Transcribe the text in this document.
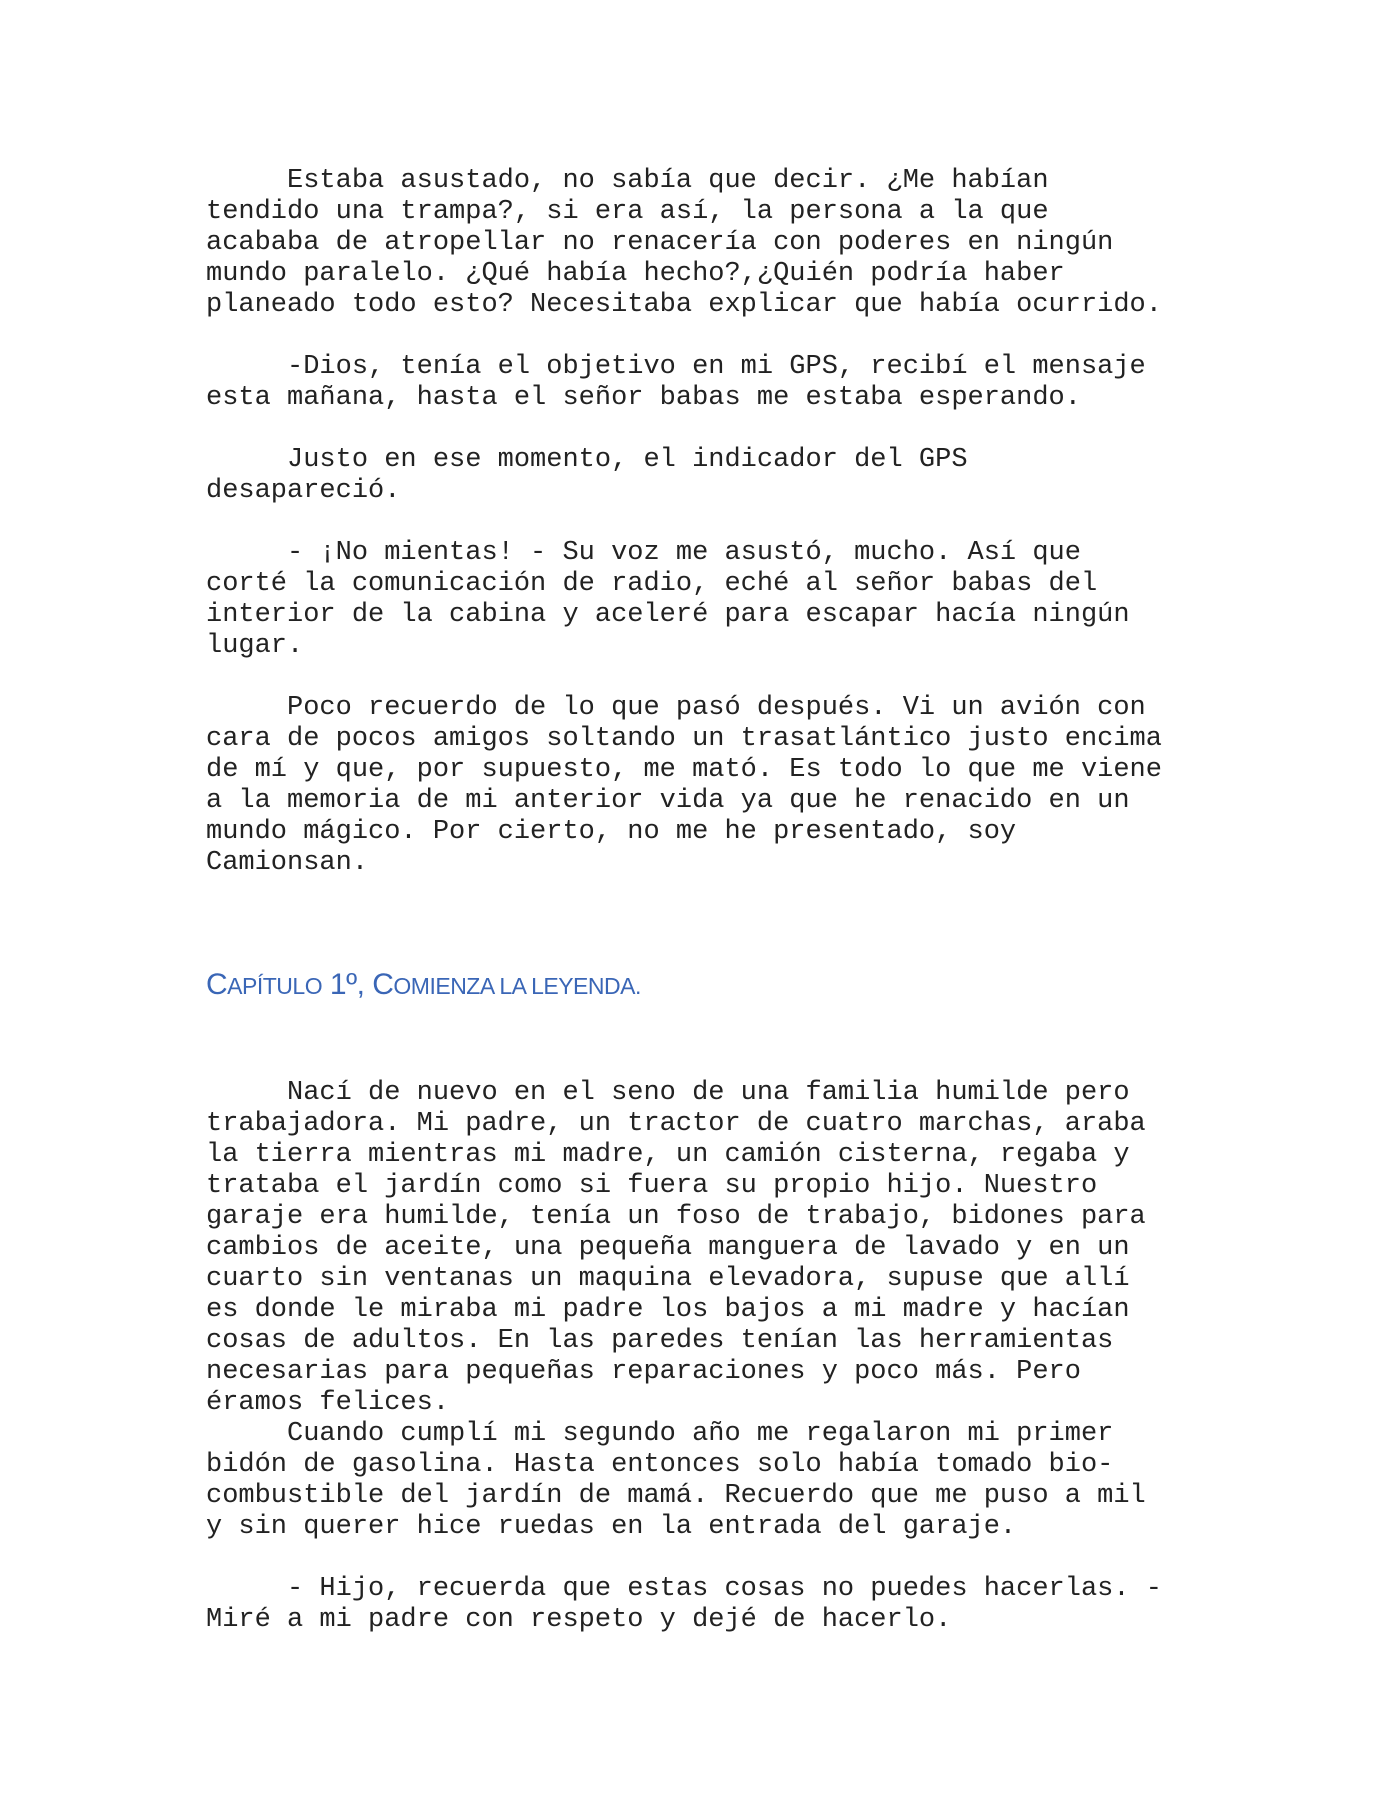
Estaba asustado, no sabía que decir. ¿Me habían
tendido una trampa?, si era así, la persona a la que
acababa de atropellar no renacería con poderes en ningún
mundo paralelo. ¿Qué había hecho?,¿Quién podría haber
planeado todo esto? Necesitaba explicar que había ocurrido.

-Dios, tenía el objetivo en mi GPS, recibí el mensaje
esta mañana, hasta el señor babas me estaba esperando.

Justo en ese momento, el indicador del GPS
desapareció.

- ¡No mientas! - Su voz me asustó, mucho. Así que
corté la comunicación de radio, eché al señor babas del
interior de la cabina y aceleré para escapar hacía ningún
lugar.

Poco recuerdo de lo que pasó después. Vi un avión con
cara de pocos amigos soltando un trasatlántico justo encima
de mí y que, por supuesto, me mató. Es todo lo que me viene
a la memoria de mi anterior vida ya que he renacido en un
mundo mágico. Por cierto, no me he presentado, soy
Camionsan.

CAPÍTULO 1º, COMIENZA LA LEYENDA.

Nací de nuevo en el seno de una familia humilde pero
trabajadora. Mi padre, un tractor de cuatro marchas, araba
la tierra mientras mi madre, un camión cisterna, regaba y
trataba el jardín como si fuera su propio hijo. Nuestro
garaje era humilde, tenía un foso de trabajo, bidones para
cambios de aceite, una pequeña manguera de lavado y en un
cuarto sin ventanas un maquina elevadora, supuse que allí
es donde le miraba mi padre los bajos a mi madre y hacían
cosas de adultos. En las paredes tenían las herramientas
necesarias para pequeñas reparaciones y poco más. Pero
éramos felices.
Cuando cumplí mi segundo año me regalaron mi primer
bidón de gasolina. Hasta entonces solo había tomado bio-
combustible del jardín de mamá. Recuerdo que me puso a mil
y sin querer hice ruedas en la entrada del garaje.

- Hijo, recuerda que estas cosas no puedes hacerlas. -
Miré a mi padre con respeto y dejé de hacerlo.
